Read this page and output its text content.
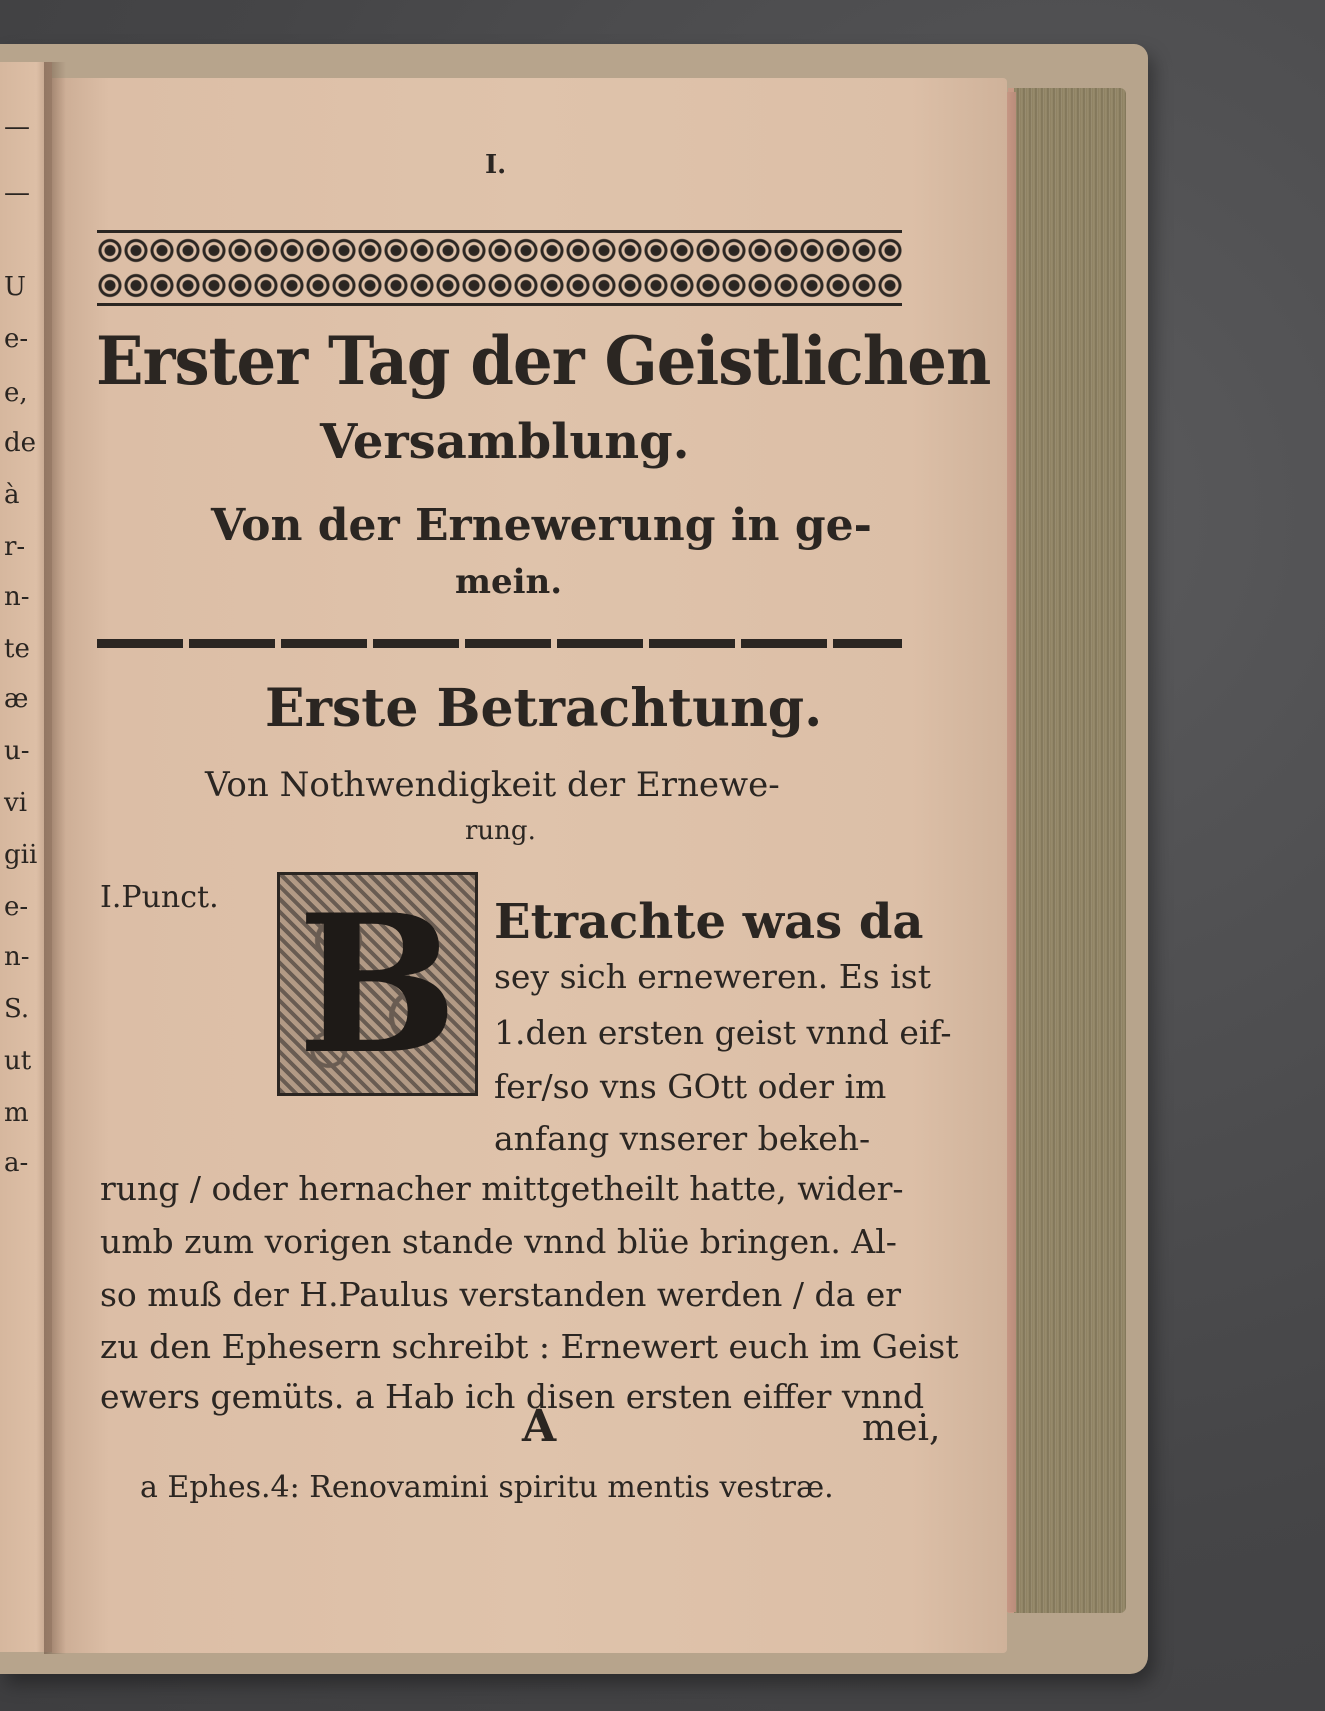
—
—
U
e-
e,
de
à
r-
n-
te
æ
u-
vi
gii
e-
n-
S.
ut
m
a-
I.
Erster Tag der Geistlichen
Versamblung.
Von der Ernewerung in ge-
mein.
Erste Betrachtung.
Von Nothwendigkeit der Ernewe-
rung.
I.Punct. B Etrachte was da
sey sich erneweren. Es ist
1.den ersten geist vnnd eif-
fer/so vns GOtt oder im
anfang vnserer bekeh-
rung / oder hernacher mittgetheilt hatte, wider-
umb zum vorigen stande vnnd blüe bringen. Al-
so muß der H.Paulus verstanden werden / da er
zu den Ephesern schreibt : Ernewert euch im Geist
ewers gemüts. a Hab ich disen ersten eiffer vnnd
A	mei,
a Ephes.4: Renovamini spiritu mentis vestræ.
